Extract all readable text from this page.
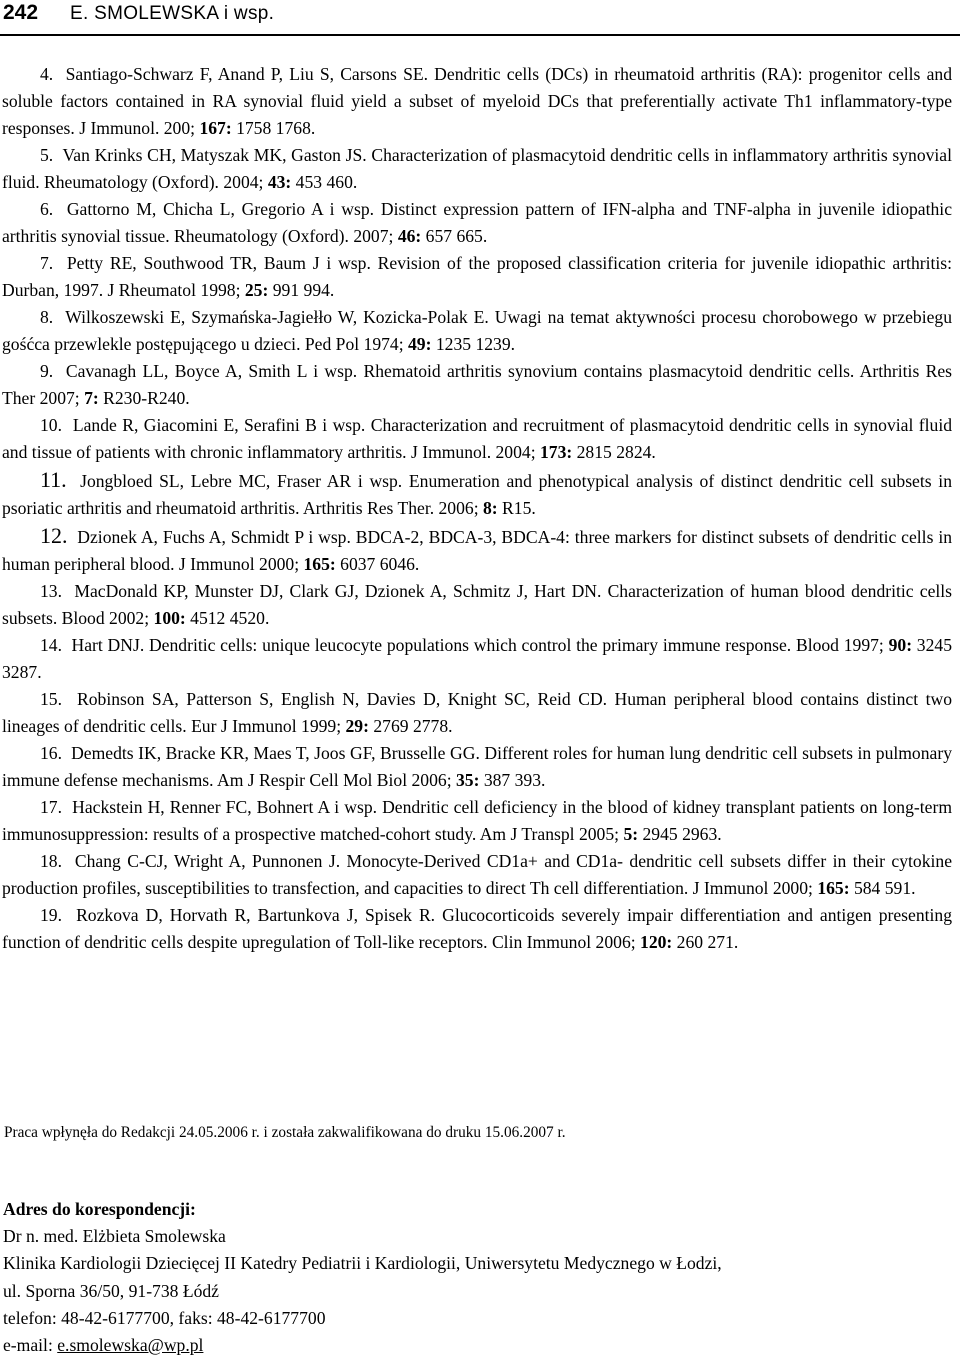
242 E. SMOLEWSKA i wsp.

4. Santiago-Schwarz F, Anand P, Liu S, Carsons SE. Dendritic cells (DCs) in rheumatoid arthritis (RA): progenitor cells and soluble factors contained in RA synovial fluid yield a subset of myeloid DCs that preferentially activate Th1 inflammatory-type responses. J Immunol. 200; 167: 1758 1768.

5. Van Krinks CH, Matyszak MK, Gaston JS. Characterization of plasmacytoid dendritic cells in inflammatory arthritis synovial fluid. Rheumatology (Oxford). 2004; 43: 453 460.

6. Gattorno M, Chicha L, Gregorio A i wsp. Distinct expression pattern of IFN-alpha and TNF-alpha in juvenile idiopathic arthritis synovial tissue. Rheumatology (Oxford). 2007; 46: 657 665.

7. Petty RE, Southwood TR, Baum J i wsp. Revision of the proposed classification criteria for juvenile idiopathic arthritis: Durban, 1997. J Rheumatol 1998; 25: 991 994.

8. Wilkoszewski E, Szymańska-Jagiełło W, Kozicka-Polak E. Uwagi na temat aktywności procesu chorobowego w przebiegu gośćca przewlekle postępującego u dzieci. Ped Pol 1974; 49: 1235 1239.

9. Cavanagh LL, Boyce A, Smith L i wsp. Rhematoid arthritis synovium contains plasmacytoid dendritic cells. Arthritis Res Ther 2007; 7: R230-R240.

10. Lande R, Giacomini E, Serafini B i wsp. Characterization and recruitment of plasmacytoid dendritic cells in synovial fluid and tissue of patients with chronic inflammatory arthritis. J Immunol. 2004; 173: 2815 2824.

11. Jongbloed SL, Lebre MC, Fraser AR i wsp. Enumeration and phenotypical analysis of distinct dendritic cell subsets in psoriatic arthritis and rheumatoid arthritis. Arthritis Res Ther. 2006; 8: R15.

12. Dzionek A, Fuchs A, Schmidt P i wsp. BDCA-2, BDCA-3, BDCA-4: three markers for distinct subsets of dendritic cells in human peripheral blood. J Immunol 2000; 165: 6037 6046.

13. MacDonald KP, Munster DJ, Clark GJ, Dzionek A, Schmitz J, Hart DN. Characterization of human blood dendritic cells subsets. Blood 2002; 100: 4512 4520.

14. Hart DNJ. Dendritic cells: unique leucocyte populations which control the primary immune response. Blood 1997; 90: 3245 3287.

15. Robinson SA, Patterson S, English N, Davies D, Knight SC, Reid CD. Human peripheral blood contains distinct two lineages of dendritic cells. Eur J Immunol 1999; 29: 2769 2778.

16. Demedts IK, Bracke KR, Maes T, Joos GF, Brusselle GG. Different roles for human lung dendritic cell subsets in pulmonary immune defense mechanisms. Am J Respir Cell Mol Biol 2006; 35: 387 393.

17. Hackstein H, Renner FC, Bohnert A i wsp. Dendritic cell deficiency in the blood of kidney transplant patients on long-term immunosuppression: results of a prospective matched-cohort study. Am J Transpl 2005; 5: 2945 2963.

18. Chang C-CJ, Wright A, Punnonen J. Monocyte-Derived CD1a+ and CD1a- dendritic cell subsets differ in their cytokine production profiles, susceptibilities to transfection, and capacities to direct Th cell differentiation. J Immunol 2000; 165: 584 591.

19. Rozkova D, Horvath R, Bartunkova J, Spisek R. Glucocorticoids severely impair differentiation and antigen presenting function of dendritic cells despite upregulation of Toll-like receptors. Clin Immunol 2006; 120: 260 271.

Praca wpłynęła do Redakcji 24.05.2006 r. i została zakwalifikowana do druku 15.06.2007 r.
Adres do korespondencji:
Dr n. med. Elżbieta Smolewska
Klinika Kardiologii Dziecięcej II Katedry Pediatrii i Kardiologii, Uniwersytetu Medycznego w Łodzi,
ul. Sporna 36/50, 91-738 Łódź
telefon: 48-42-6177700, faks: 48-42-6177700
e-mail: e.smolewska@wp.pl
